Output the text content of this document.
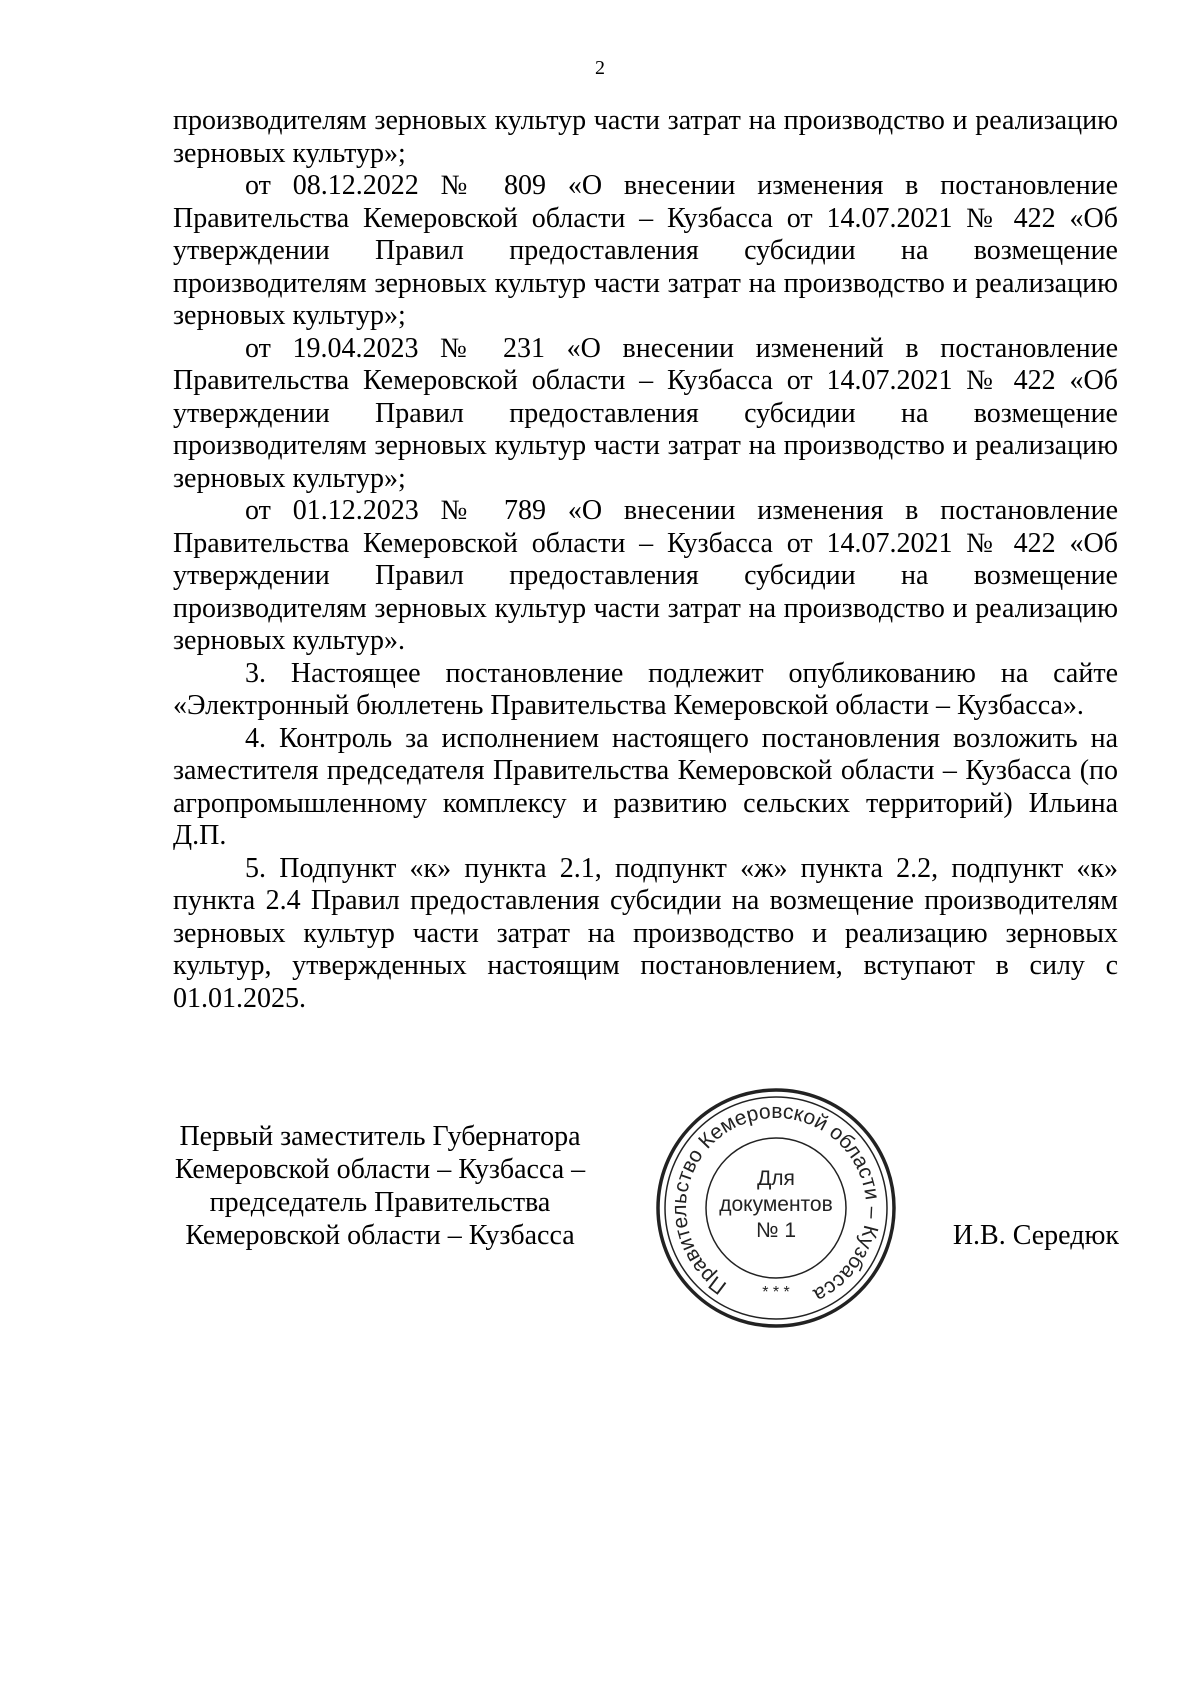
2

производителям зерновых культур части затрат на производство и реализацию зерновых культур»;

от 08.12.2022 № 809 «О внесении изменения в постановление Правительства Кемеровской области – Кузбасса от 14.07.2021 № 422 «Об утверждении Правил предоставления субсидии на возмещение производителям зерновых культур части затрат на производство и реализацию зерновых культур»;

от 19.04.2023 № 231 «О внесении изменений в постановление Правительства Кемеровской области – Кузбасса от 14.07.2021 № 422 «Об утверждении Правил предоставления субсидии на возмещение производителям зерновых культур части затрат на производство и реализацию зерновых культур»;

от 01.12.2023 № 789 «О внесении изменения в постановление Правительства Кемеровской области – Кузбасса от 14.07.2021 № 422 «Об утверждении Правил предоставления субсидии на возмещение производителям зерновых культур части затрат на производство и реализацию зерновых культур».

3. Настоящее постановление подлежит опубликованию на сайте «Электронный бюллетень Правительства Кемеровской области – Кузбасса».

4. Контроль за исполнением настоящего постановления возложить на заместителя председателя Правительства Кемеровской области – Кузбасса (по агропромышленному комплексу и развитию сельских территорий) Ильина Д.П.

5. Подпункт «к» пункта 2.1, подпункт «ж» пункта 2.2, подпункт «к» пункта 2.4 Правил предоставления субсидии на возмещение производителям зерновых культур части затрат на производство и реализацию зерновых культур, утвержденных настоящим постановлением, вступают в силу с 01.01.2025.

Первый заместитель Губернатора
Кемеровской области – Кузбасса –
председатель Правительства
Кемеровской области – Кузбасса
Правительство Кемеровской области – Кузбасса
Для
документов
№ 1
* * *
И.В. Середюк
